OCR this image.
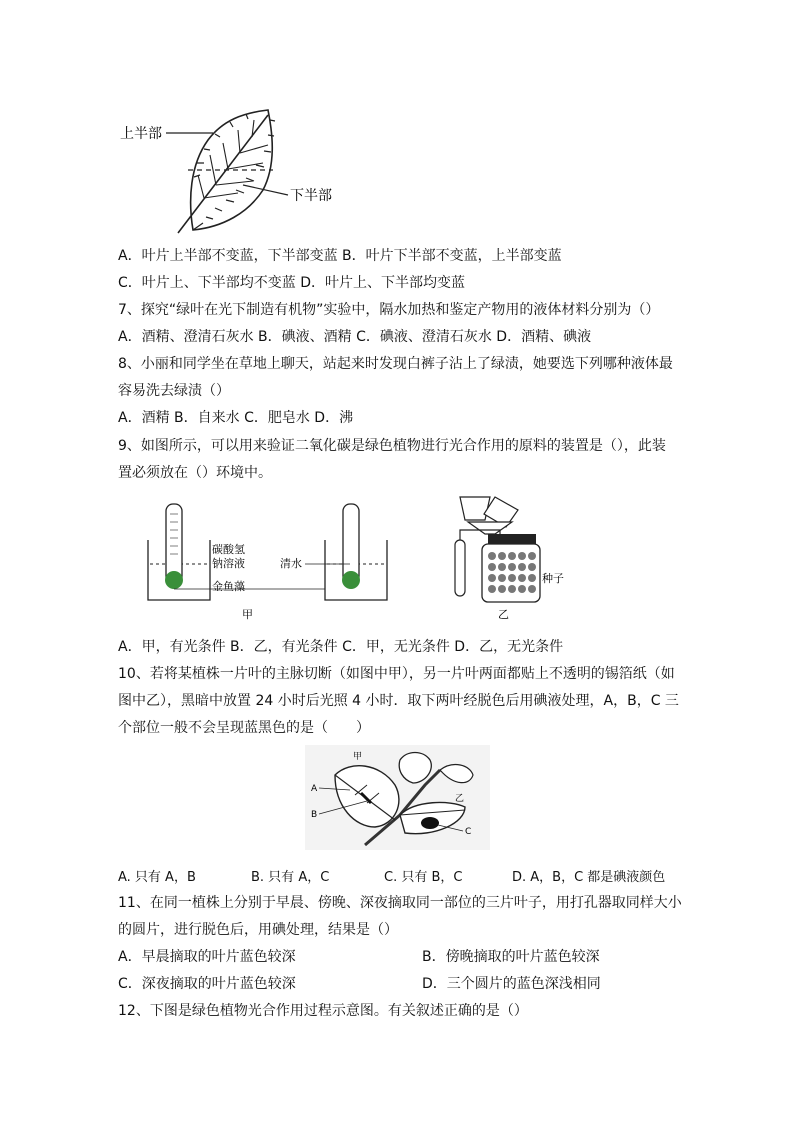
上半部
下半部
A．叶片上半部不变蓝，下半部变蓝 B．叶片下半部不变蓝，上半部变蓝
C．叶片上、下半部均不变蓝 D．叶片上、下半部均变蓝
7、探究“绿叶在光下制造有机物”实验中，隔水加热和鉴定产物用的液体材料分别为（）
A．酒精、澄清石灰水 B．碘液、酒精 C．碘液、澄清石灰水 D．酒精、碘液
8、小丽和同学坐在草地上聊天，站起来时发现白裤子沾上了绿渍，她要选下列哪种液体最
容易洗去绿渍（）
A．酒精 B．自来水 C．肥皂水 D．沸
9、如图所示，可以用来验证二氧化碳是绿色植物进行光合作用的原料的装置是（），此装
置必须放在（）环境中。
碳酸氢
钠溶液
金鱼藻
清水
甲
种子
乙
A．甲，有光条件 B．乙，有光条件 C．甲，无光条件 D．乙，无光条件
10、若将某植株一片叶的主脉切断（如图中甲），另一片叶两面都贴上不透明的锡箔纸（如
图中乙），黑暗中放置 24 小时后光照 4 小时．取下两叶经脱色后用碘液处理，A，B，C 三
个部位一般不会呈现蓝黑色的是（　　）
甲
乙
A
B
C
A. 只有 A，B	B. 只有 A，C	C. 只有 B，C	D. A，B，C 都是碘液颜色
11、在同一植株上分别于早晨、傍晚、深夜摘取同一部位的三片叶子，用打孔器取同样大小
的圆片，进行脱色后，用碘处理，结果是（）
A．早晨摘取的叶片蓝色较深	B．傍晚摘取的叶片蓝色较深
C．深夜摘取的叶片蓝色较深	D．三个圆片的蓝色深浅相同
12、下图是绿色植物光合作用过程示意图。有关叙述正确的是（）
